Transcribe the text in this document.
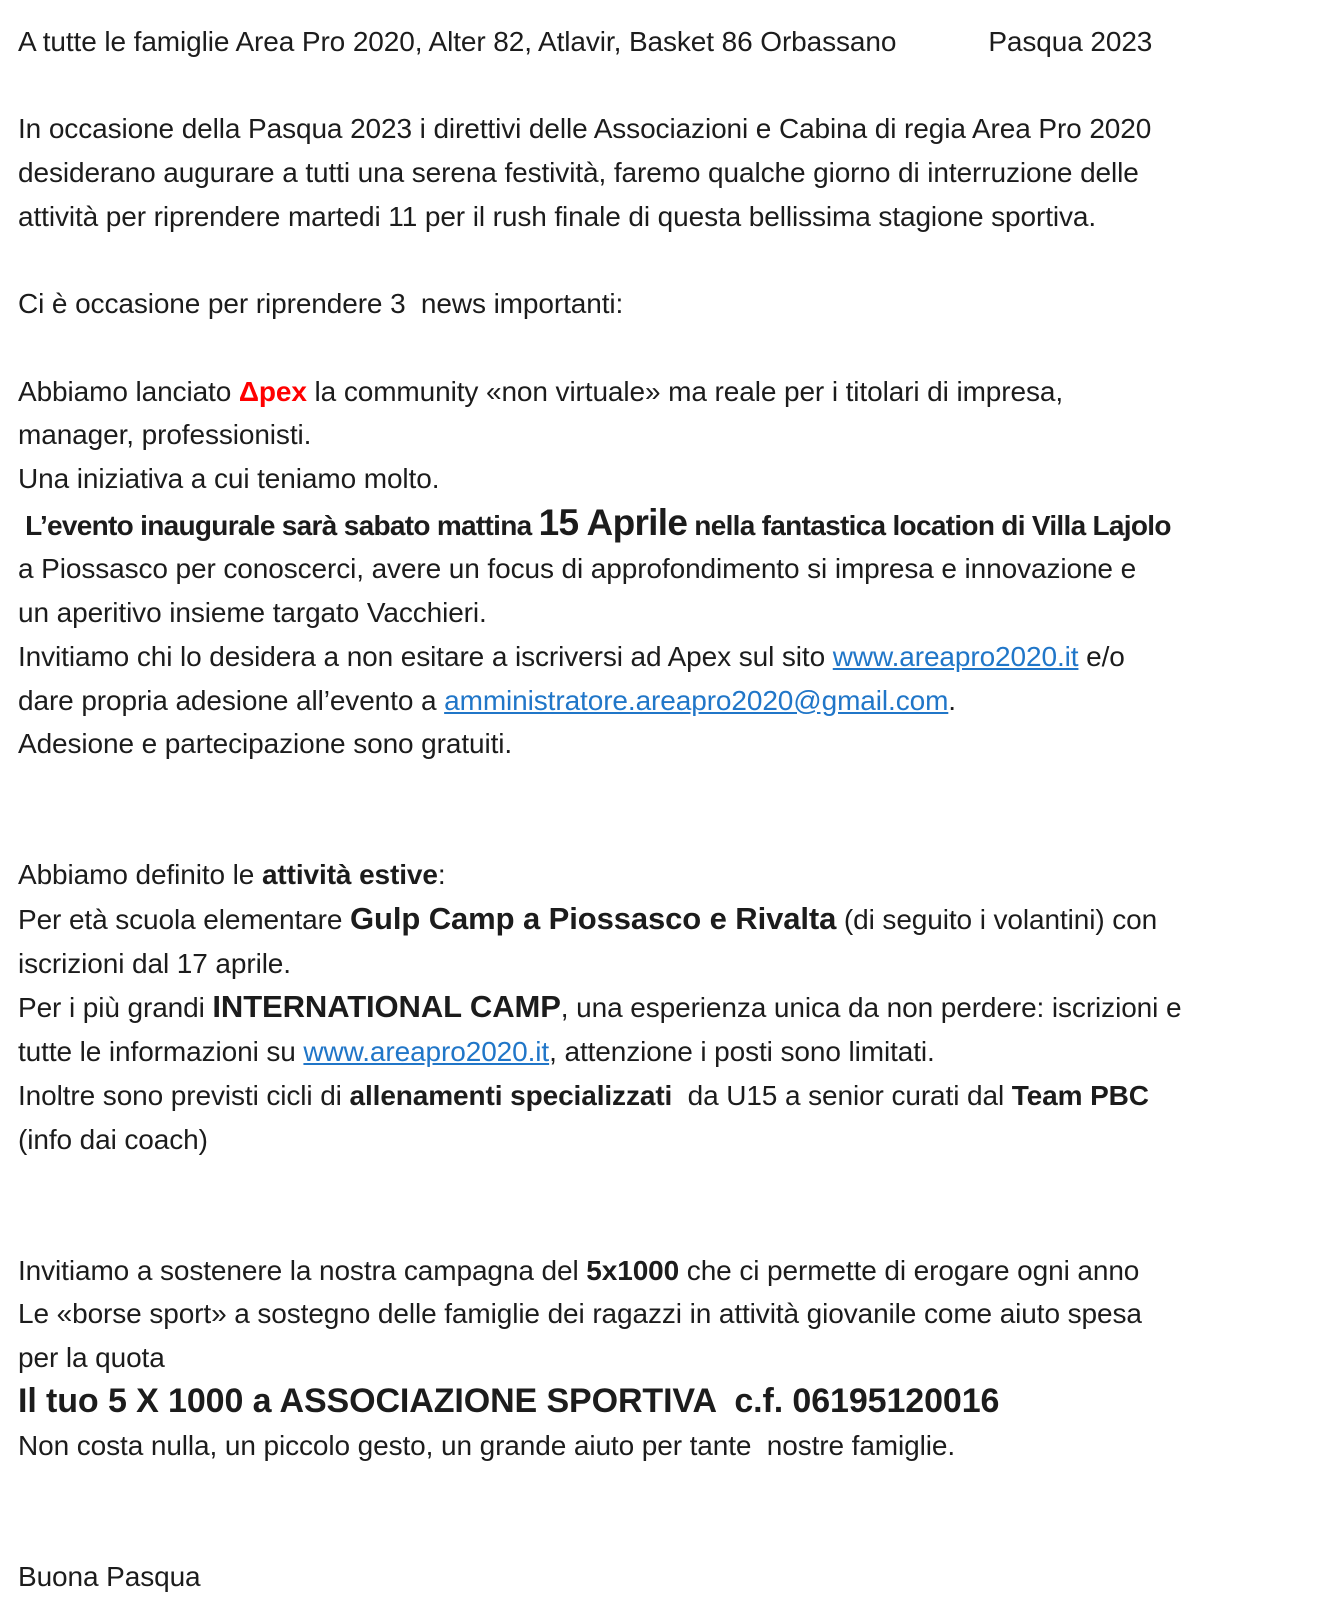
A tutte le famiglie Area Pro 2020, Alter 82, Atlavir, Basket 86 Orbassano	Pasqua 2023
In occasione della Pasqua 2023 i direttivi delle Associazioni e Cabina di regia Area Pro 2020
desiderano augurare a tutti una serena festività, faremo qualche giorno di interruzione delle
attività per riprendere martedi 11 per il rush finale di questa bellissima stagione sportiva.
Ci è occasione per riprendere 3  news importanti:
Abbiamo lanciato Δpex la community «non virtuale» ma reale per i titolari di impresa,
manager, professionisti.
Una iniziativa a cui teniamo molto.
L’evento inaugurale sarà sabato mattina 15 Aprile nella fantastica location di Villa Lajolo
a Piossasco per conoscerci, avere un focus di approfondimento si impresa e innovazione e
un aperitivo insieme targato Vacchieri.
Invitiamo chi lo desidera a non esitare a iscriversi ad Apex sul sito www.areapro2020.it e/o
dare propria adesione all’evento a amministratore.areapro2020@gmail.com.
Adesione e partecipazione sono gratuiti.
Abbiamo definito le attività estive:
Per età scuola elementare Gulp Camp a Piossasco e Rivalta (di seguito i volantini) con
iscrizioni dal 17 aprile.
Per i più grandi INTERNATIONAL CAMP, una esperienza unica da non perdere: iscrizioni e
tutte le informazioni su www.areapro2020.it, attenzione i posti sono limitati.
Inoltre sono previsti cicli di allenamenti specializzati  da U15 a senior curati dal Team PBC
(info dai coach)
Invitiamo a sostenere la nostra campagna del 5x1000 che ci permette di erogare ogni anno
Le «borse sport» a sostegno delle famiglie dei ragazzi in attività giovanile come aiuto spesa
per la quota
Il tuo 5 X 1000 a ASSOCIAZIONE SPORTIVA  c.f. 06195120016
Non costa nulla, un piccolo gesto, un grande aiuto per tante  nostre famiglie.
Buona Pasqua
